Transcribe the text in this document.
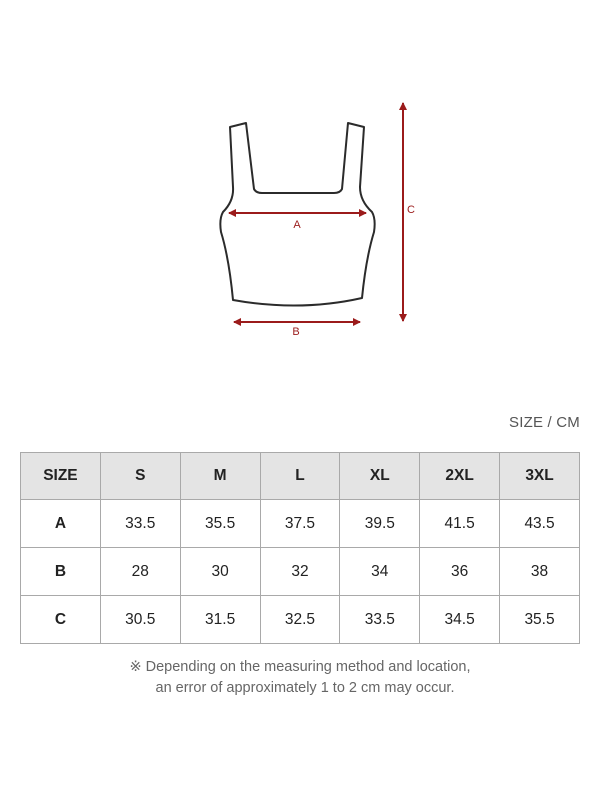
A
B
C
SIZE / CM
SIZE	S	M	L	XL	2XL	3XL
A	33.5	35.5	37.5	39.5	41.5	43.5
B	28	30	32	34	36	38
C	30.5	31.5	32.5	33.5	34.5	35.5
※ Depending on the measuring method and location,
an error of approximately 1 to 2 cm may occur.
